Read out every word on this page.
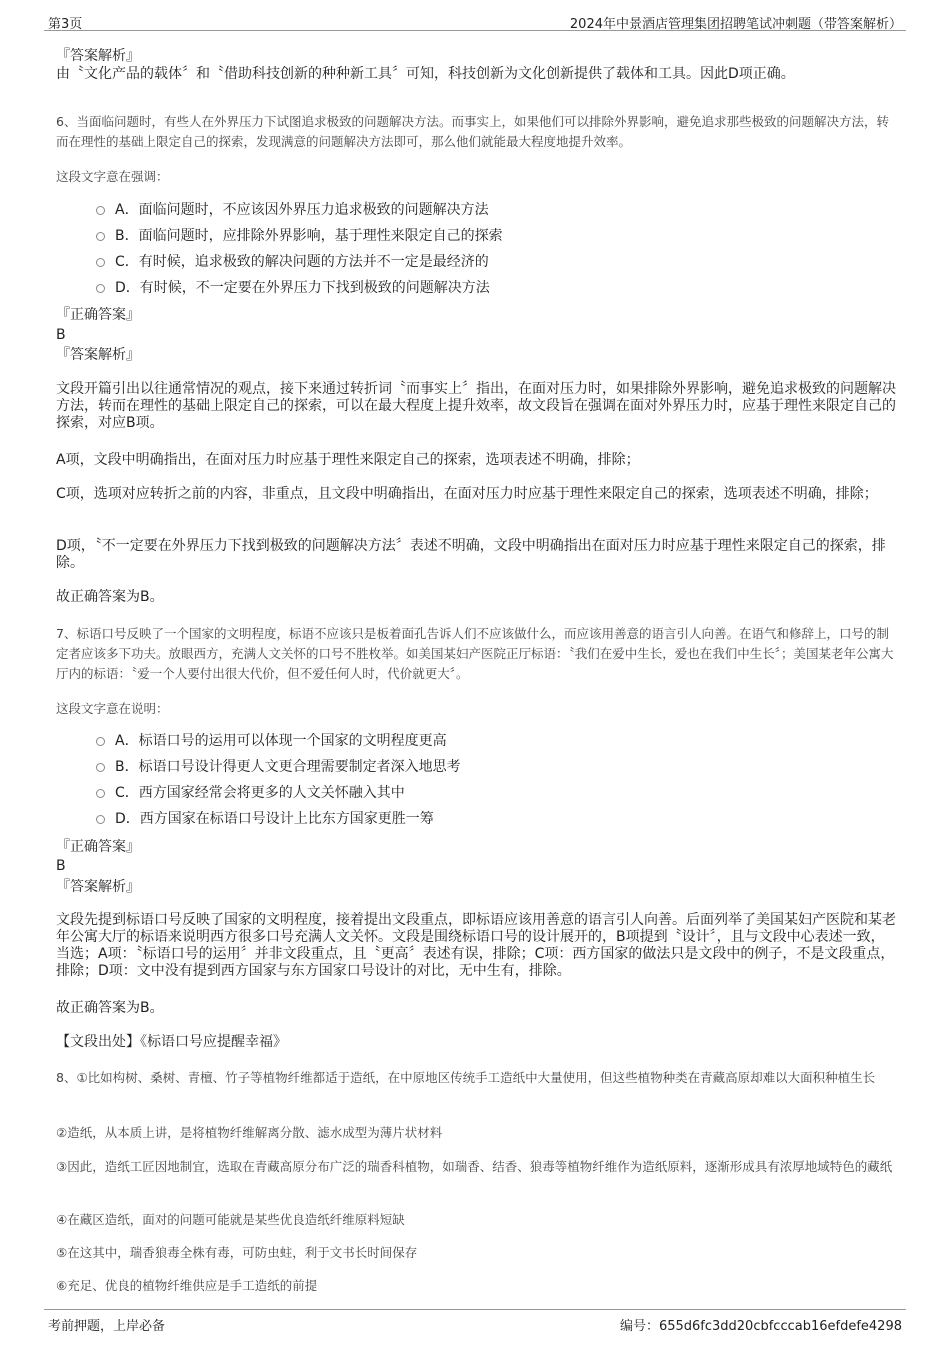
第3页	2024年中景酒店管理集团招聘笔试冲刺题（带答案解析）
『答案解析』
由〝文化产品的载体〞和〝借助科技创新的种种新工具〞可知，科技创新为文化创新提供了载体和工具。因此D项正确。
6、当面临问题时，有些人在外界压力下试图追求极致的问题解决方法。而事实上，如果他们可以排除外界影响，避免追求那些极致的问题解决方法，转而在理性的基础上限定自己的探索，发现满意的问题解决方法即可，那么他们就能最大程度地提升效率。
这段文字意在强调：
A．面临问题时，不应该因外界压力追求极致的问题解决方法
B．面临问题时，应排除外界影响，基于理性来限定自己的探索
C．有时候，追求极致的解决问题的方法并不一定是最经济的
D．有时候，不一定要在外界压力下找到极致的问题解决方法
『正确答案』
B
『答案解析』
文段开篇引出以往通常情况的观点，接下来通过转折词〝而事实上〞指出，在面对压力时，如果排除外界影响，避免追求极致的问题解决方法，转而在理性的基础上限定自己的探索，可以在最大程度上提升效率，故文段旨在强调在面对外界压力时，应基于理性来限定自己的探索，对应B项。
A项，文段中明确指出，在面对压力时应基于理性来限定自己的探索，选项表述不明确，排除；
C项，选项对应转折之前的内容，非重点，且文段中明确指出，在面对压力时应基于理性来限定自己的探索，选项表述不明确，排除；
D项，〝不一定要在外界压力下找到极致的问题解决方法〞表述不明确，文段中明确指出在面对压力时应基于理性来限定自己的探索，排除。
故正确答案为B。
7、标语口号反映了一个国家的文明程度，标语不应该只是板着面孔告诉人们不应该做什么，而应该用善意的语言引人向善。在语气和修辞上，口号的制定者应该多下功夫。放眼西方，充满人文关怀的口号不胜枚举。如美国某妇产医院正厅标语：〝我们在爱中生长，爱也在我们中生长〞；美国某老年公寓大厅内的标语：〝爱一个人要付出很大代价，但不爱任何人时，代价就更大〞。
这段文字意在说明：
A．标语口号的运用可以体现一个国家的文明程度更高
B．标语口号设计得更人文更合理需要制定者深入地思考
C．西方国家经常会将更多的人文关怀融入其中
D．西方国家在标语口号设计上比东方国家更胜一筹
『正确答案』
B
『答案解析』
文段先提到标语口号反映了国家的文明程度，接着提出文段重点，即标语应该用善意的语言引人向善。后面列举了美国某妇产医院和某老年公寓大厅的标语来说明西方很多口号充满人文关怀。文段是围绕标语口号的设计展开的，B项提到〝设计〞，且与文段中心表述一致，当选；A项：〝标语口号的运用〞并非文段重点，且〝更高〞表述有误，排除；C项：西方国家的做法只是文段中的例子，不是文段重点，排除；D项：文中没有提到西方国家与东方国家口号设计的对比，无中生有，排除。
故正确答案为B。
【文段出处】《标语口号应提醒幸福》
8、①比如构树、桑树、青檀、竹子等植物纤维都适于造纸，在中原地区传统手工造纸中大量使用，但这些植物种类在青藏高原却难以大面积种植生长
②造纸，从本质上讲，是将植物纤维解离分散、滤水成型为薄片状材料
③因此，造纸工匠因地制宜，选取在青藏高原分布广泛的瑞香科植物，如瑞香、结香、狼毒等植物纤维作为造纸原料，逐渐形成具有浓厚地域特色的藏纸
④在藏区造纸，面对的问题可能就是某些优良造纸纤维原料短缺
⑤在这其中，瑞香狼毒全株有毒，可防虫蛀，利于文书长时间保存
⑥充足、优良的植物纤维供应是手工造纸的前提
考前押题，上岸必备	编号：655d6fc3dd20cbfcccab16efdefe4298
